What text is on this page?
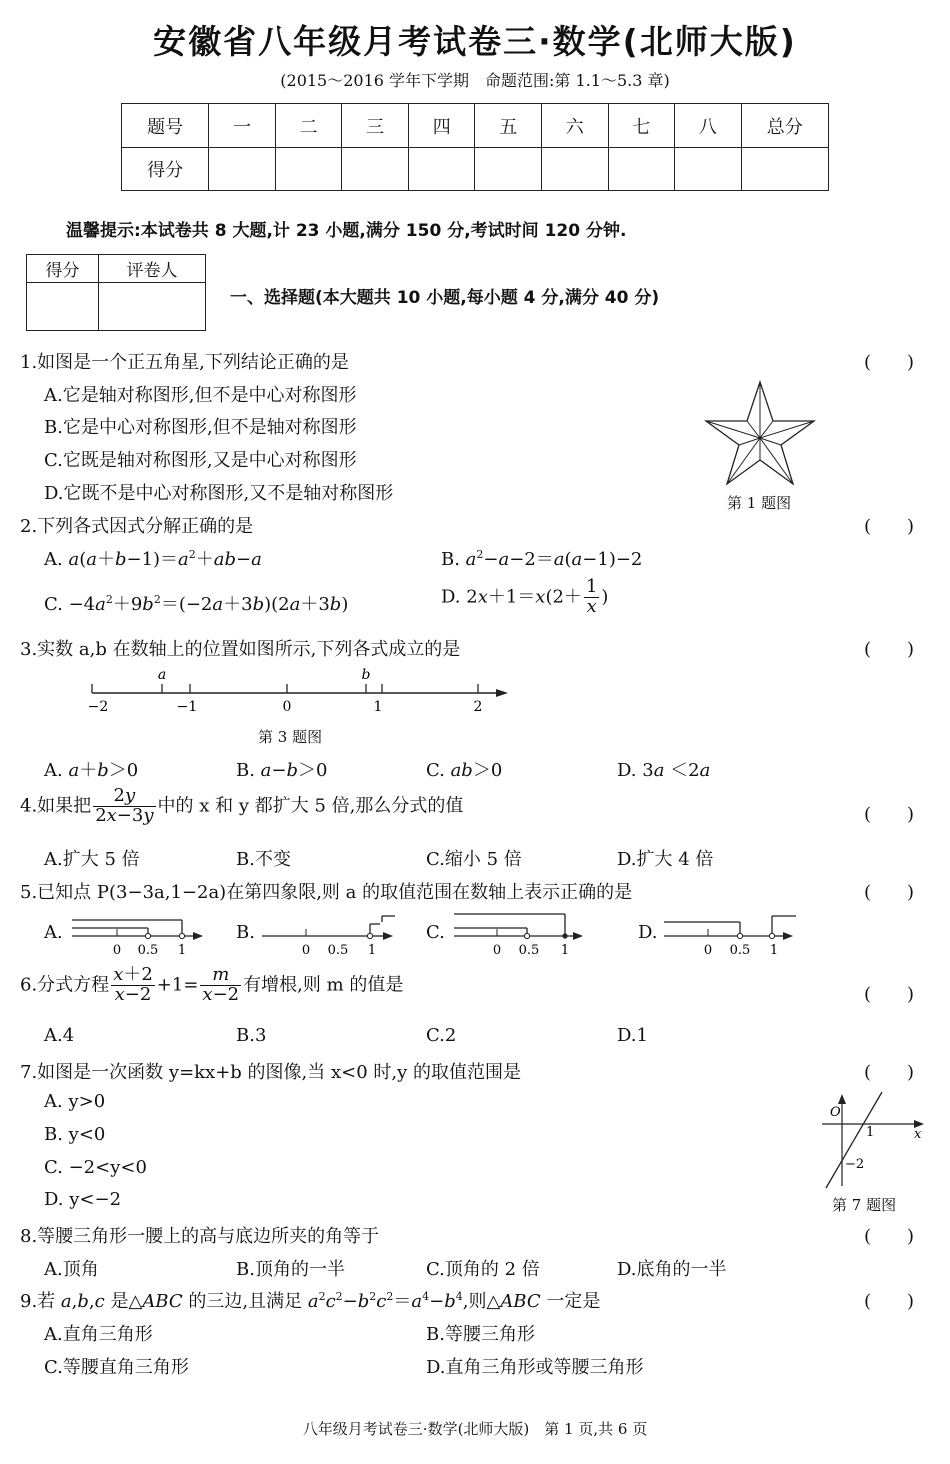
安徽省八年级月考试卷三·数学(北师大版)
(2015～2016 学年下学期　命题范围:第 1.1～5.3 章)
题号	一	二	三	四	五	六	七	八	总分
得分									
温馨提示:本试卷共 8 大题,计 23 小题,满分 150 分,考试时间 120 分钟.
得分	评卷人

一、选择题(本大题共 10 小题,每小题 4 分,满分 40 分)
1.如图是一个正五角星,下列结论正确的是	(　　)
A.它是轴对称图形,但不是中心对称图形
B.它是中心对称图形,但不是轴对称图形
C.它既是轴对称图形,又是中心对称图形
D.它既不是中心对称图形,又不是轴对称图形	第 1 题图
2.下列各式因式分解正确的是	(　　)
A. $a(a+b-1)=a^2+ab-a$	B. $a^2-a-2=a(a-1)-2$
C. $-4a^2+9b^2=(-2a+3b)(2a+3b)$	D. $2x+1=x(2+ \frac{1}{x}$ )
3.实数 a,b 在数轴上的位置如图所示,下列各式成立的是	(　　)
−2	−1	0	1	2
a	b
第 3 题图
A. a＋b＞0	B. a−b＞0	C. ab＞0	D. 3a ＜2a
4.如果把 $\frac{2y}{2x-3y}$ 中的 x 和 y 都扩大 5 倍,那么分式的值	(　　)
A.扩大 5 倍	B.不变	C.缩小 5 倍	D.扩大 4 倍
5.已知点 P(3−3a,1−2a)在第四象限,则 a 的取值范围在数轴上表示正确的是	(　　)
A.
0 0.5 1
B.
0 0.5 1
C.
0 0.5 1
D.
0 0.5 1
6.分式方程 $\frac{x+2}{x-2} +1= \frac{m}{x-2}$ 有增根,则 m 的值是	(　　)
A.4	B.3	C.2	D.1
7.如图是一次函数 y=kx+b 的图像,当 x<0 时,y 的取值范围是	(　　)
A. y>0
B. y<0
C. −2<y<0
D. y<−2
O
1	x
−2
第 7 题图
8.等腰三角形一腰上的高与底边所夹的角等于	(　　)
A.顶角	B.顶角的一半	C.顶角的 2 倍	D.底角的一半
9.若 a,b,c 是△ABC 的三边,且满足 $a^2c^2-b^2c^2=a^4-b^4$,则△ABC 一定是	(　　)
A.直角三角形	B.等腰三角形
C.等腰直角三角形	D.直角三角形或等腰三角形
八年级月考试卷三·数学(北师大版)　第 1 页,共 6 页
